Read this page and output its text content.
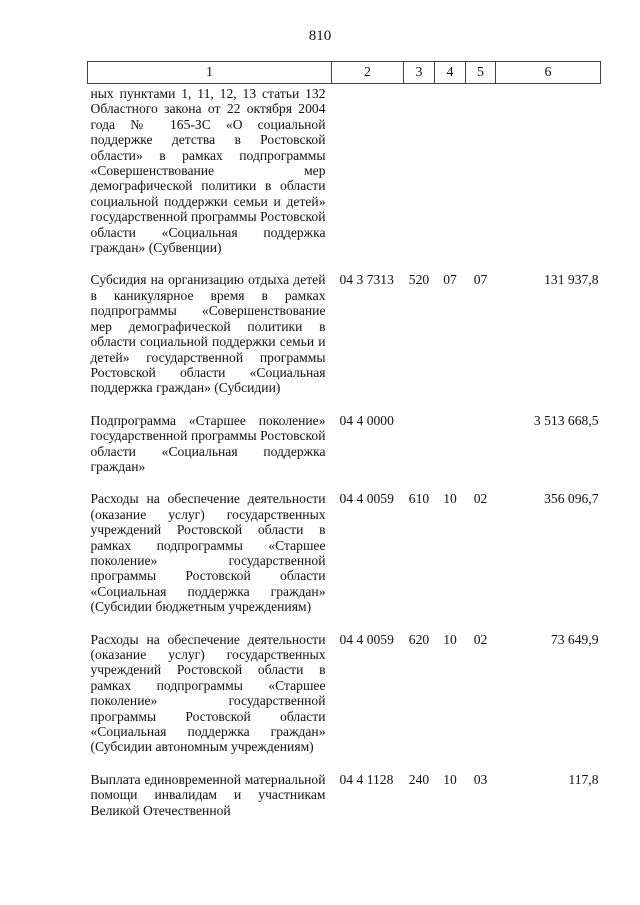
810
1	2	3	4	5	6
ных пунктами 1, 11, 12, 13 статьи 132 Областного закона от 22 октября 2004 года № 165-ЗС «О социальной поддержке детства в Ростовской области» в рамках подпрограммы «Совершенствование мер демографической политики в области социальной поддержки семьи и детей» государственной программы Ростовской области «Социальная поддержка граждан» (Субвенции)					
Субсидия на организацию отдыха детей в каникулярное время в рамках подпрограммы «Совершенствование мер демографической политики в области социальной поддержки семьи и детей» государственной программы Ростовской области «Социальная поддержка граждан» (Субсидии)	04 3 7313	520	07	07	131 937,8
Подпрограмма «Старшее поколение» государственной программы Ростовской области «Социальная поддержка граждан»	04 4 0000				3 513 668,5
Расходы на обеспечение деятельности (оказание услуг) государственных учреждений Ростовской области в рамках подпрограммы «Старшее поколение» государственной программы Ростовской области «Социальная поддержка граждан» (Субсидии бюджетным учреждениям)	04 4 0059	610	10	02	356 096,7
Расходы на обеспечение деятельности (оказание услуг) государственных учреждений Ростовской области в рамках подпрограммы «Старшее поколение» государственной программы Ростовской области «Социальная поддержка граждан» (Субсидии автономным учреждениям)	04 4 0059	620	10	02	73 649,9
Выплата единовременной материальной помощи инвалидам и участникам Великой Отечественной	04 4 1128	240	10	03	117,8
